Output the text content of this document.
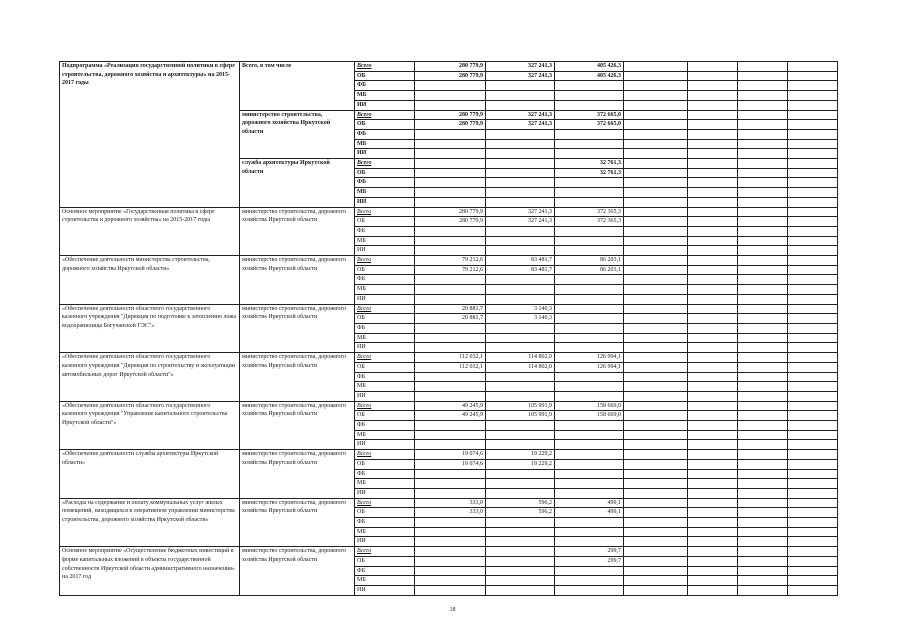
Подпрограмма «Реализация государственной политики в сфере строительства, дорожного хозяйства и архитектуры» на 2015-2017 годы	Всего, в том числе	Всего	280 779,9	327 241,3	405 426,3				
		ОБ	280 779,9	327 241,3	405 426,3				
		ФБ							
		МБ							
		ИИ							
	министерство строительства, дорожного хозяйства Иркутской области	Всего	280 779,9	327 241,3	372 665,0				
		ОБ	280 779,9	327 241,3	372 665,0				
		ФБ							
		МБ							
		ИИ							
	служба архитектуры Иркутской области	Всего			32 761,3				
		ОБ			32 761,3				
		ФБ							
		МБ							
		ИИ							
Основное мероприятие «Государственная политика в сфере строительства и дорожного хозяйства» на 2015-2017 годы	министерство строительства, дорожного хозяйства Иркутской области	Всего	280 779,9	327 241,3	372 365,3				
		ОБ	280 779,9	327 241,3	372 365,3				
		ФБ							
		МБ							
		ИИ							
«Обеспечение деятельности министерства строительства, дорожного хозяйства Иркутской области»	министерство строительства, дорожного хозяйства Иркутской области	Всего	79 212,6	83 481,7	86 203,1				
		ОБ	79 212,6	83 481,7	86 203,1				
		ФБ							
		МБ							
		ИИ							
«Обеспечение деятельности областного государственного казенного учреждения "Дирекция по подготовке к затоплению ложа водохранилища Богучанской ГЭС"»	министерство строительства, дорожного хозяйства Иркутской области	Всего	20 881,7	3 140,3					
		ОБ	20 881,7	3 140,3					
		ФБ							
		МБ							
		ИИ							
«Обеспечение деятельности областного государственного казенного учреждения "Дирекция по строительству и эксплуатации автомобильных дорог Иркутской области"»	министерство строительства, дорожного хозяйства Иркутской области	Всего	112 032,1	114 802,0	126 994,1				
		ОБ	112 032,1	114 802,0	126 994,1				
		ФБ							
		МБ							
		ИИ							
«Обеспечение деятельности областного государственного казенного учреждения "Управление капитального строительства Иркутской области"»	министерство строительства, дорожного хозяйства Иркутской области	Всего	49 245,9	105 991,9	158 669,0				
		ОБ	49 245,9	105 991,9	158 669,0				
		ФБ							
		МБ							
		ИИ							
«Обеспечение деятельности службы архитектуры Иркутской области»	министерство строительства, дорожного хозяйства Иркутской области	Всего	19 074,6	19 229,2					
		ОБ	19 074,6	19 229,2					
		ФБ							
		МБ							
		ИИ							
«Расходы на содержание и оплату коммунальных услуг жилых помещений, находящихся в оперативном управлении министерства строительства, дорожного хозяйства Иркутской области»	министерство строительства, дорожного хозяйства Иркутской области	Всего	333,0	596,2	499,1				
		ОБ	333,0	596,2	499,1				
		ФБ							
		МБ							
		ИИ							
Основное мероприятие «Осуществление бюджетных инвестиций в форме капитальных вложений в объекты государственной собственности Иркутской области административного назначения» на 2017 год	министерство строительства, дорожного хозяйства Иркутской области	Всего			299,7				
		ОБ			299,7				
		ФБ							
		МБ							
		ИИ							
18
